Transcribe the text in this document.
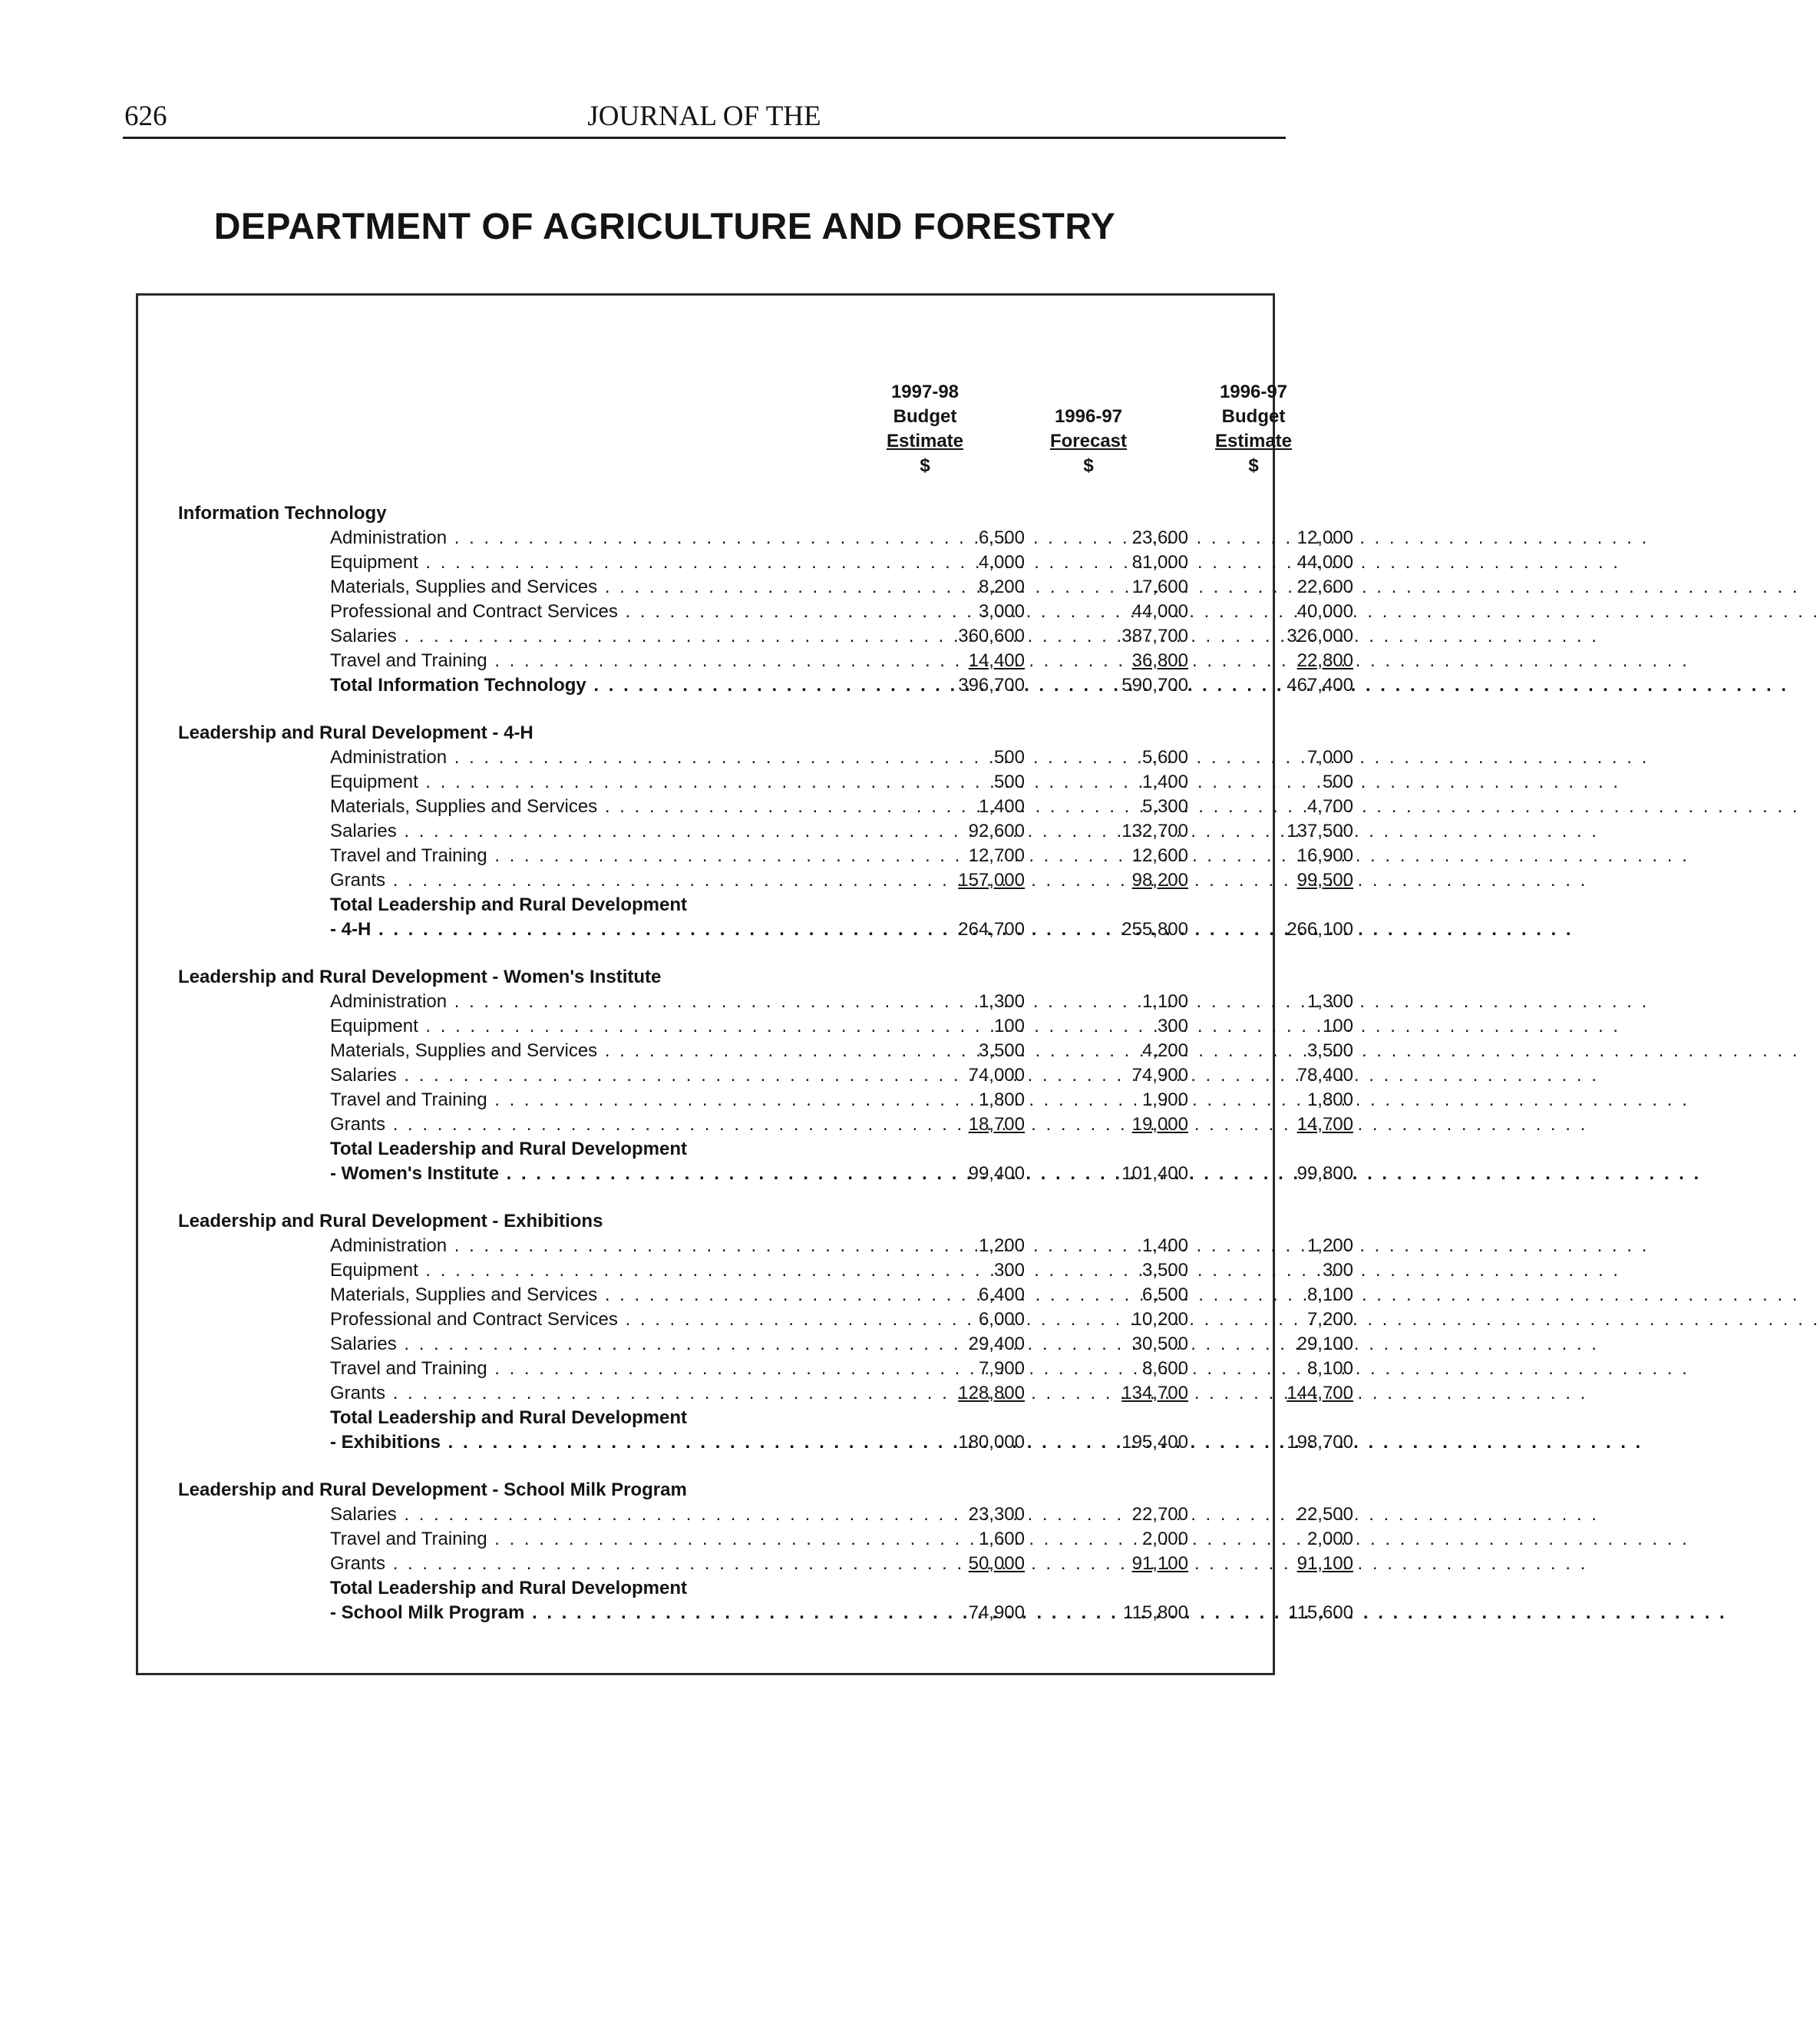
626	JOURNAL OF THE
DEPARTMENT OF AGRICULTURE AND FORESTRY
1997-98
Budget
Estimate
$

1996-97
Forecast
$
1996-97
Budget
Estimate
$
Information Technology
Administration . . .	6,500	23,600	12,000
Equipment . . .	4,000	81,000	44,000
Materials, Supplies and Services . . .	8,200	17,600	22,600
Professional and Contract Services . . .	3,000	44,000	40,000
Salaries . . .	360,600	387,700	326,000
Travel and Training . . .	14,400	36,800	22,800
Total Information Technology . . .	396,700	590,700	467,400
Leadership and Rural Development - 4-H
Administration . . .	500	5,600	7,000
Equipment . . .	500	1,400	500
Materials, Supplies and Services . . .	1,400	5,300	4,700
Salaries . . .	92,600	132,700	137,500
Travel and Training . . .	12,700	12,600	16,900
Grants . . .	157,000	98,200	99,500
Total Leadership and Rural Development
- 4-H . . .	264,700	255,800	266,100
Leadership and Rural Development - Women's Institute
Administration . . .	1,300	1,100	1,300
Equipment . . .	100	300	100
Materials, Supplies and Services . . .	3,500	4,200	3,500
Salaries . . .	74,000	74,900	78,400
Travel and Training . . .	1,800	1,900	1,800
Grants . . .	18,700	19,000	14,700
Total Leadership and Rural Development
- Women's Institute . . .	99,400	101,400	99,800
Leadership and Rural Development - Exhibitions
Administration . . .	1,200	1,400	1,200
Equipment . . .	300	3,500	300
Materials, Supplies and Services . . .	6,400	6,500	8,100
Professional and Contract Services . . .	6,000	10,200	7,200
Salaries . . .	29,400	30,500	29,100
Travel and Training . . .	7,900	8,600	8,100
Grants . . .	128,800	134,700	144,700
Total Leadership and Rural Development
- Exhibitions . . .	180,000	195,400	198,700
Leadership and Rural Development - School Milk Program
Salaries . . .	23,300	22,700	22,500
Travel and Training . . .	1,600	2,000	2,000
Grants . . .	50,000	91,100	91,100
Total Leadership and Rural Development
- School Milk Program . . .	74,900	115,800	115,600
